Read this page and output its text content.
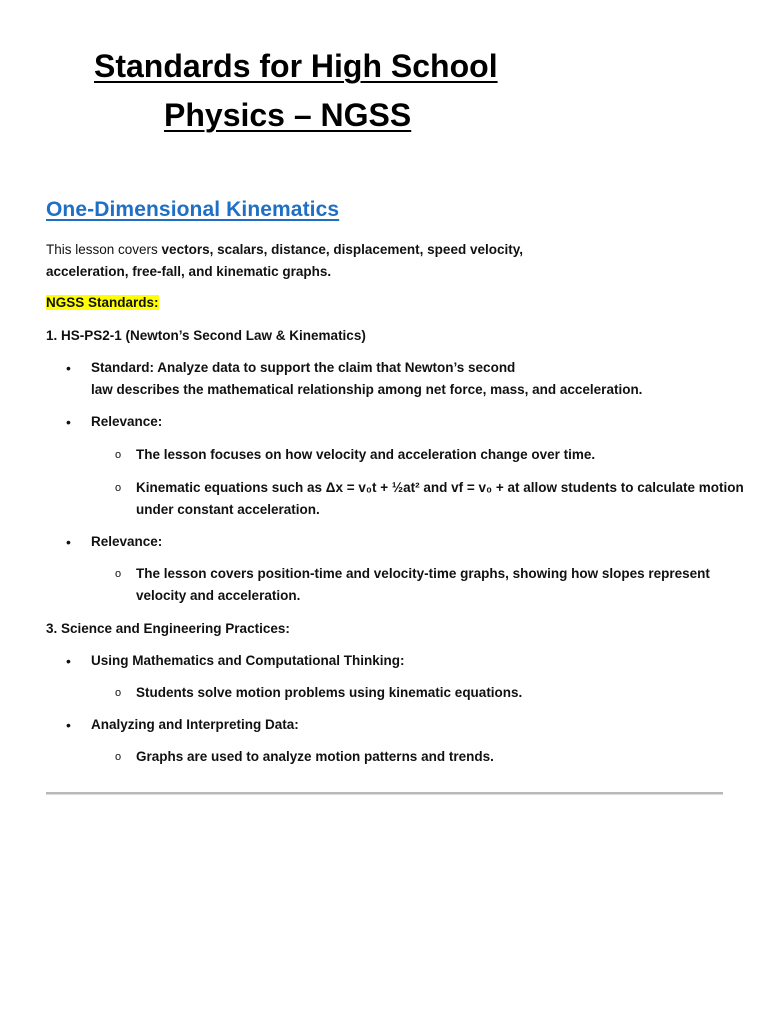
Standards for High School
Physics – NGSS
One-Dimensional Kinematics
This lesson covers vectors, scalars, distance, displacement, speed velocity,
acceleration, free-fall, and kinematic graphs.
NGSS Standards:
1. HS-PS2-1 (Newton’s Second Law & Kinematics)
• Standard: Analyze data to support the claim that Newton’s second
law describes the mathematical relationship among net force, mass, and acceleration.
• Relevance:
o The lesson focuses on how velocity and acceleration change over time.
o Kinematic equations such as Δx = v₀t + ½at² and vf = v₀ + at allow students to calculate motion
under constant acceleration.
• Relevance:
o The lesson covers position-time and velocity-time graphs, showing how slopes represent
velocity and acceleration.
3. Science and Engineering Practices:
• Using Mathematics and Computational Thinking:
o Students solve motion problems using kinematic equations.
• Analyzing and Interpreting Data:
o Graphs are used to analyze motion patterns and trends.
